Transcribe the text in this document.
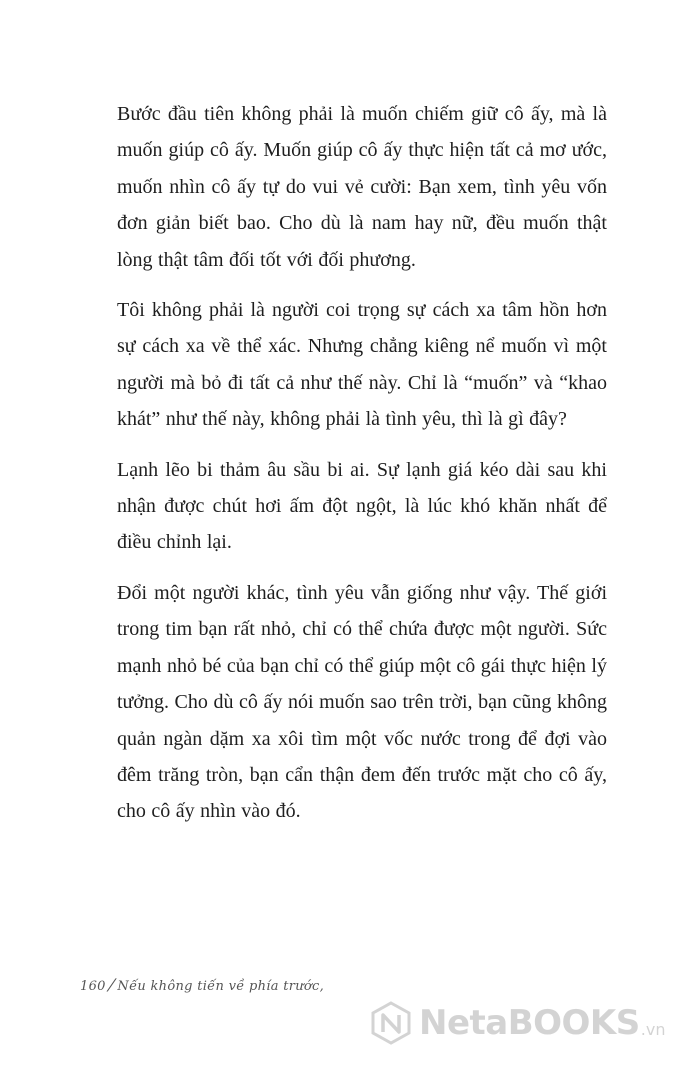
Bước đầu tiên không phải là muốn chiếm giữ cô ấy, mà là muốn giúp cô ấy. Muốn giúp cô ấy thực hiện tất cả mơ ước, muốn nhìn cô ấy tự do vui vẻ cười: Bạn xem, tình yêu vốn đơn giản biết bao. Cho dù là nam hay nữ, đều muốn thật lòng thật tâm đối tốt với đối phương.

Tôi không phải là người coi trọng sự cách xa tâm hồn hơn sự cách xa về thể xác. Nhưng chẳng kiêng nể muốn vì một người mà bỏ đi tất cả như thế này. Chỉ là “muốn” và “khao khát” như thế này, không phải là tình yêu, thì là gì đây?

Lạnh lẽo bi thảm âu sầu bi ai. Sự lạnh giá kéo dài sau khi nhận được chút hơi ấm đột ngột, là lúc khó khăn nhất để điều chỉnh lại.

Đổi một người khác, tình yêu vẫn giống như vậy. Thế giới trong tim bạn rất nhỏ, chỉ có thể chứa được một người. Sức mạnh nhỏ bé của bạn chỉ có thể giúp một cô gái thực hiện lý tưởng. Cho dù cô ấy nói muốn sao trên trời, bạn cũng không quản ngàn dặm xa xôi tìm một vốc nước trong để đợi vào đêm trăng tròn, bạn cẩn thận đem đến trước mặt cho cô ấy, cho cô ấy nhìn vào đó.

160/Nếu không tiến về phía trước,
NetaBOOKS .vn
